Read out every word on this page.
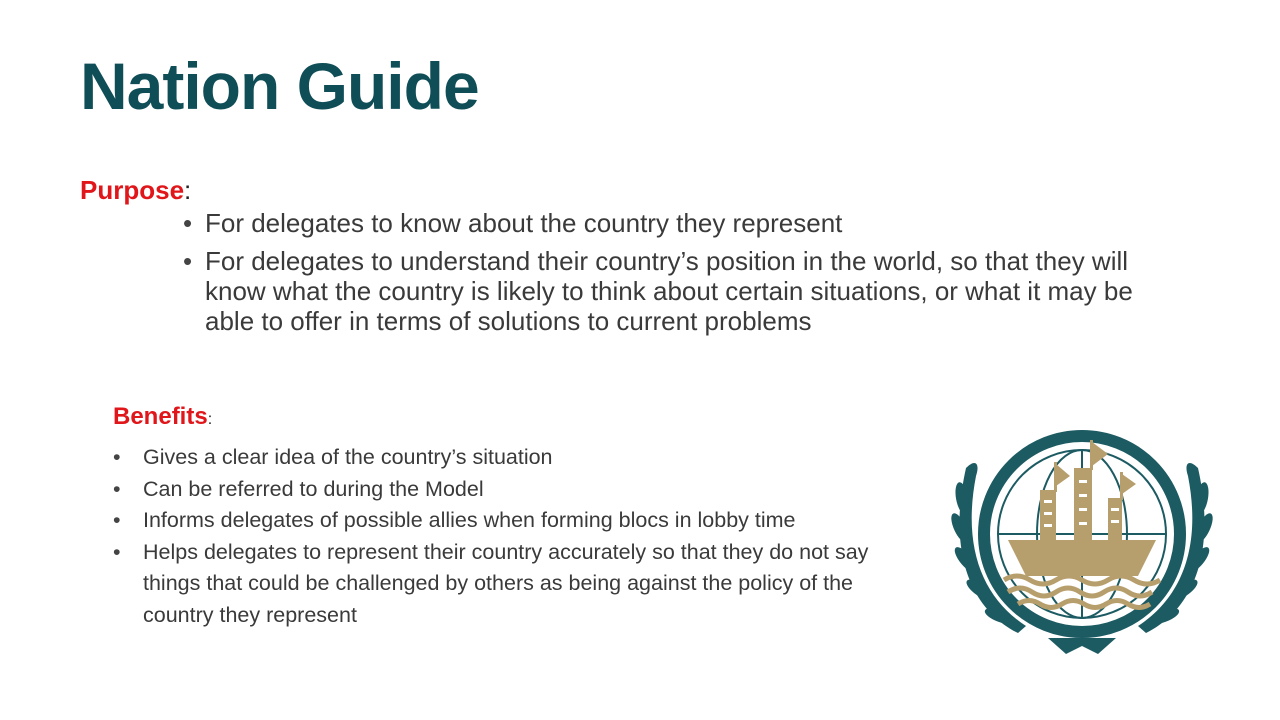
Nation Guide
Purpose:
• For delegates to know about the country they represent
• For delegates to understand their country’s position in the world, so that they will know what the country is likely to think about certain situations, or what it may be able to offer in terms of solutions to current problems
Benefits:
• Gives a clear idea of the country’s situation
• Can be referred to during the Model
• Informs delegates of possible allies when forming blocs in lobby time
• Helps delegates to represent their country accurately so that they do not say things that could be challenged by others as being against the policy of the country they represent
